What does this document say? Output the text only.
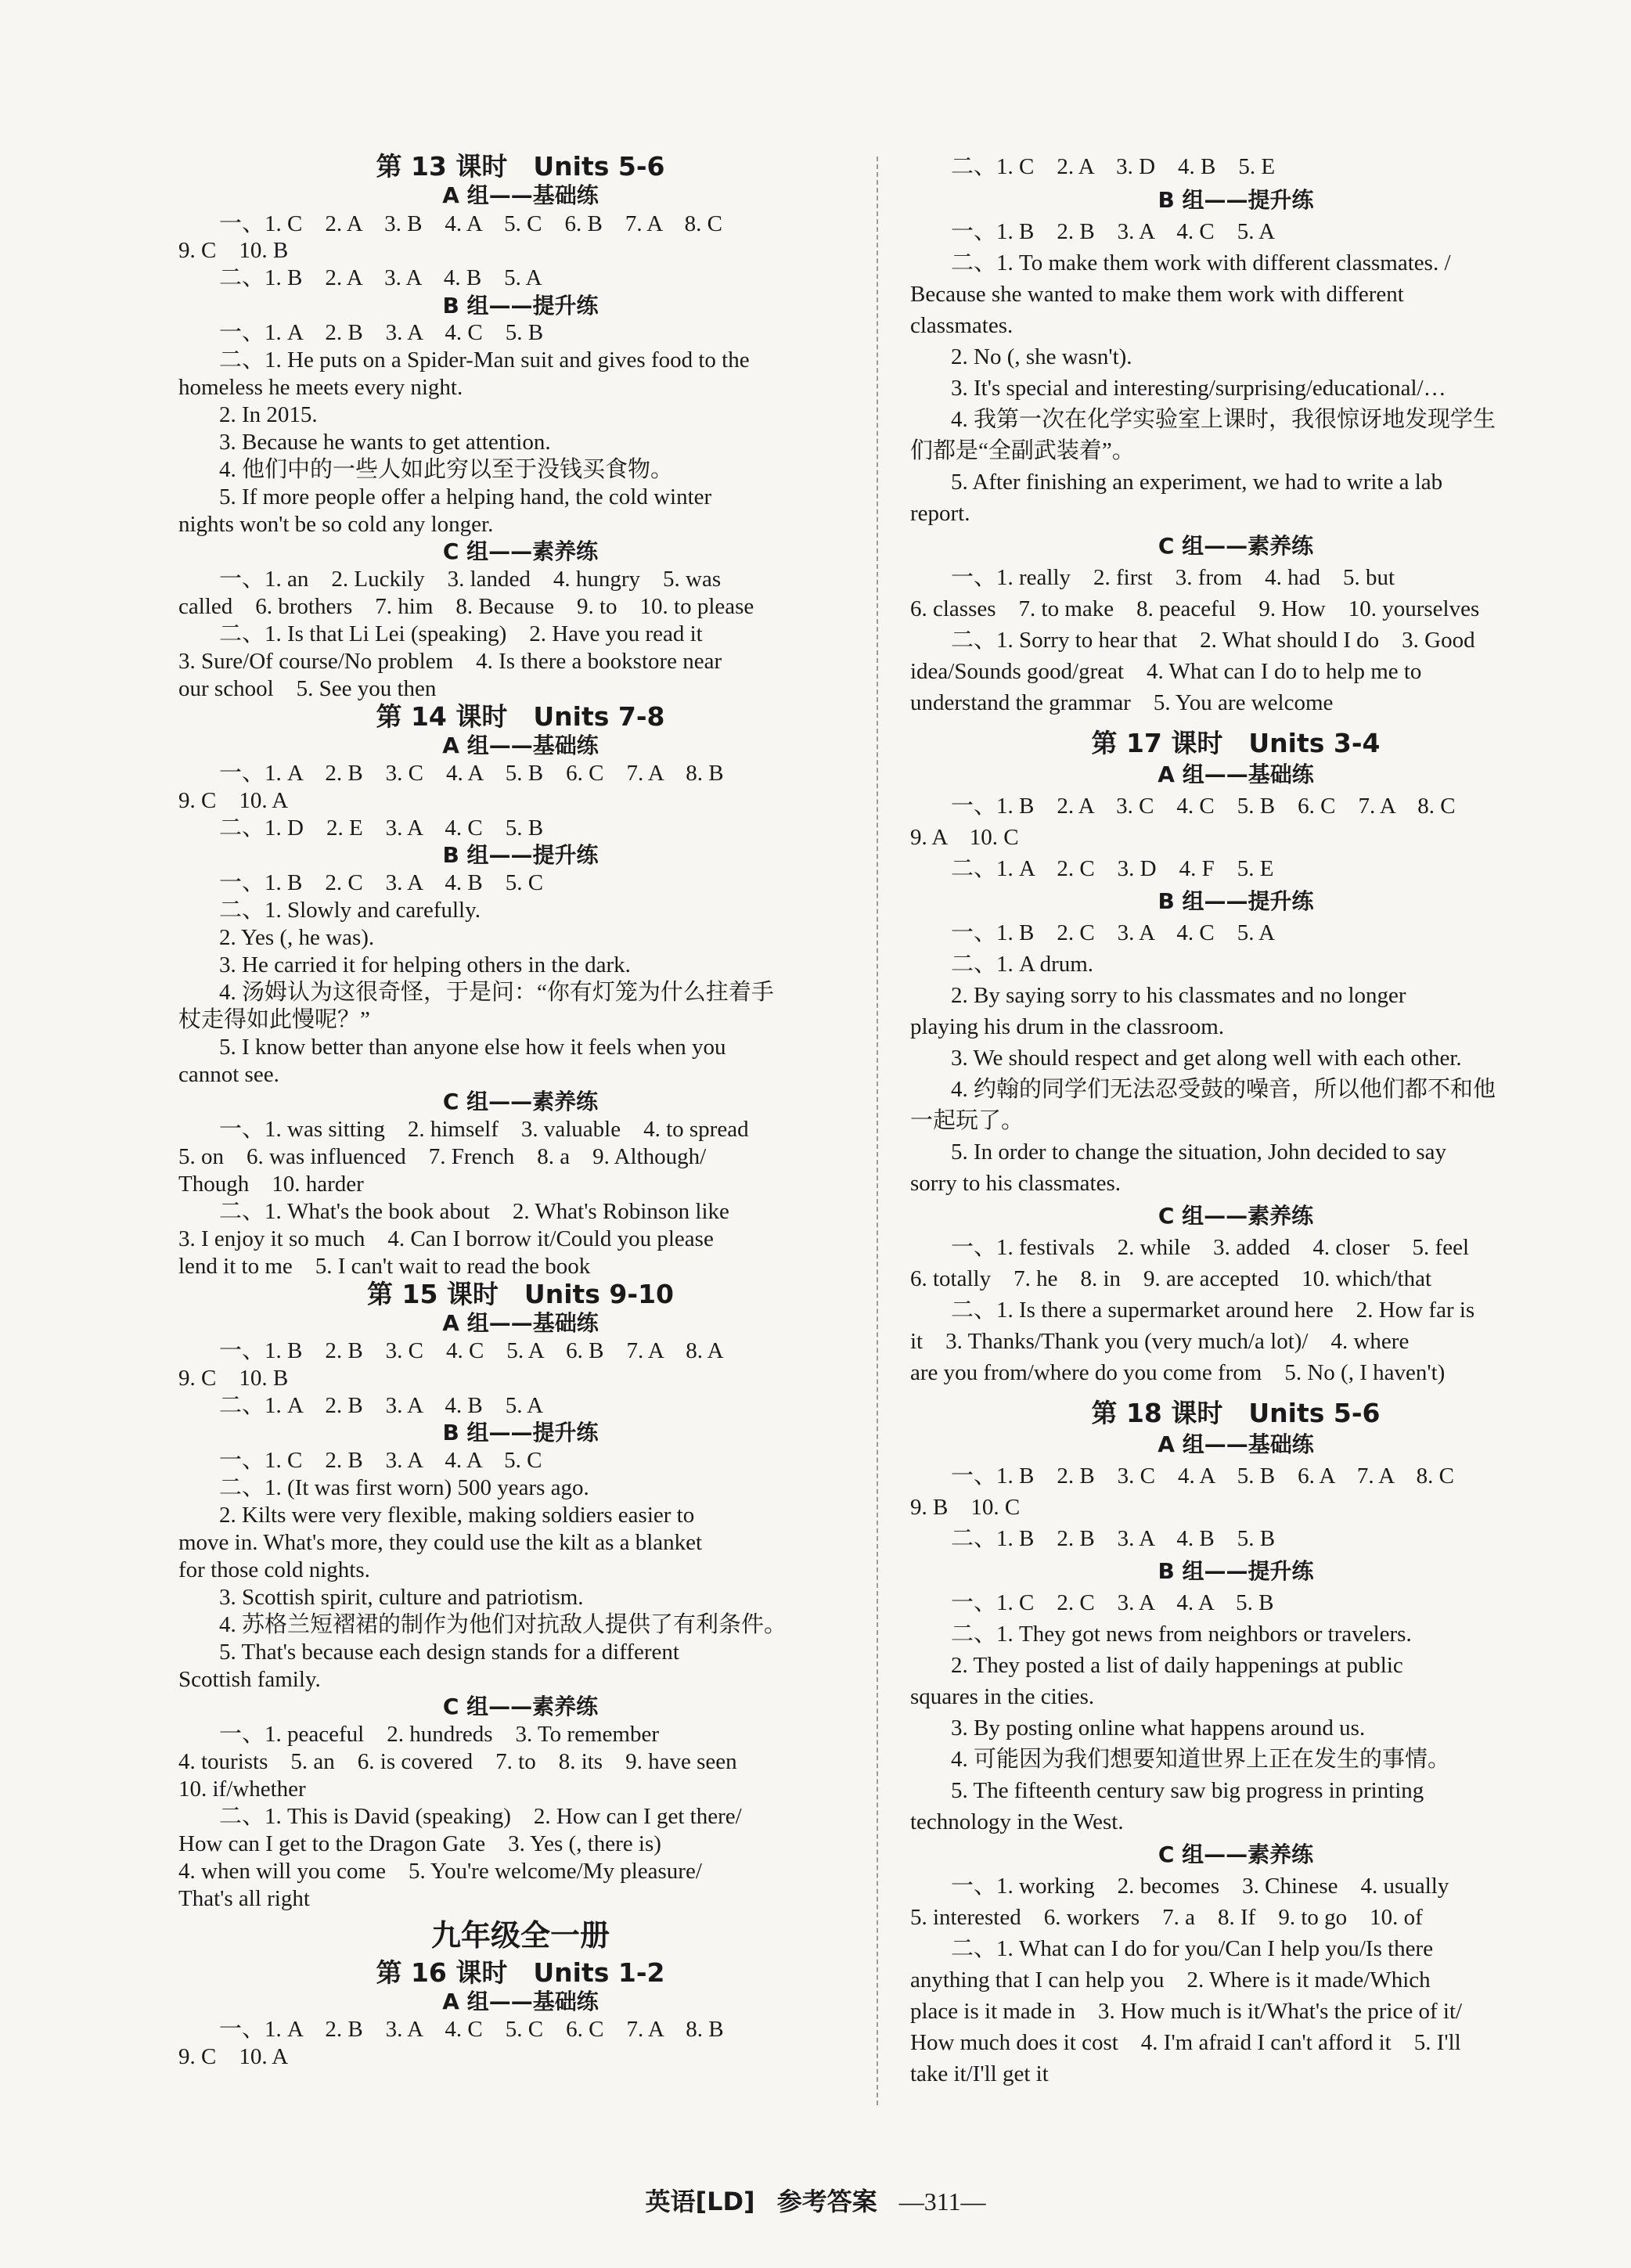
第 13 课时　Units 5-6
A 组——基础练
一、1. C　2. A　3. B　4. A　5. C　6. B　7. A　8. C
9. C　10. B
二、1. B　2. A　3. A　4. B　5. A
B 组——提升练
一、1. A　2. B　3. A　4. C　5. B
二、1. He puts on a Spider-Man suit and gives food to the
homeless he meets every night.
2. In 2015.
3. Because he wants to get attention.
4. 他们中的一些人如此穷以至于没钱买食物。
5. If more people offer a helping hand, the cold winter
nights won't be so cold any longer.
C 组——素养练
一、1. an　2. Luckily　3. landed　4. hungry　5. was
called　6. brothers　7. him　8. Because　9. to　10. to please
二、1. Is that Li Lei (speaking)　2. Have you read it
3. Sure/Of course/No problem　4. Is there a bookstore near
our school　5. See you then
第 14 课时　Units 7-8
A 组——基础练
一、1. A　2. B　3. C　4. A　5. B　6. C　7. A　8. B
9. C　10. A
二、1. D　2. E　3. A　4. C　5. B
B 组——提升练
一、1. B　2. C　3. A　4. B　5. C
二、1. Slowly and carefully.
2. Yes (, he was).
3. He carried it for helping others in the dark.
4. 汤姆认为这很奇怪，于是问：“你有灯笼为什么拄着手
杖走得如此慢呢？”
5. I know better than anyone else how it feels when you
cannot see.
C 组——素养练
一、1. was sitting　2. himself　3. valuable　4. to spread
5. on　6. was influenced　7. French　8. a　9. Although/
Though　10. harder
二、1. What's the book about　2. What's Robinson like
3. I enjoy it so much　4. Can I borrow it/Could you please
lend it to me　5. I can't wait to read the book
第 15 课时　Units 9-10
A 组——基础练
一、1. B　2. B　3. C　4. C　5. A　6. B　7. A　8. A
9. C　10. B
二、1. A　2. B　3. A　4. B　5. A
B 组——提升练
一、1. C　2. B　3. A　4. A　5. C
二、1. (It was first worn) 500 years ago.
2. Kilts were very flexible, making soldiers easier to
move in. What's more, they could use the kilt as a blanket
for those cold nights.
3. Scottish spirit, culture and patriotism.
4. 苏格兰短褶裙的制作为他们对抗敌人提供了有利条件。
5. That's because each design stands for a different
Scottish family.
C 组——素养练
一、1. peaceful　2. hundreds　3. To remember
4. tourists　5. an　6. is covered　7. to　8. its　9. have seen
10. if/whether
二、1. This is David (speaking)　2. How can I get there/
How can I get to the Dragon Gate　3. Yes (, there is)
4. when will you come　5. You're welcome/My pleasure/
That's all right
九年级全一册
第 16 课时　Units 1-2
A 组——基础练
一、1. A　2. B　3. A　4. C　5. C　6. C　7. A　8. B
9. C　10. A
二、1. C　2. A　3. D　4. B　5. E
B 组——提升练
一、1. B　2. B　3. A　4. C　5. A
二、1. To make them work with different classmates. /
Because she wanted to make them work with different
classmates.
2. No (, she wasn't).
3. It's special and interesting/surprising/educational/…
4. 我第一次在化学实验室上课时，我很惊讶地发现学生
们都是“全副武装着”。
5. After finishing an experiment, we had to write a lab
report.
C 组——素养练
一、1. really　2. first　3. from　4. had　5. but
6. classes　7. to make　8. peaceful　9. How　10. yourselves
二、1. Sorry to hear that　2. What should I do　3. Good
idea/Sounds good/great　4. What can I do to help me to
understand the grammar　5. You are welcome
第 17 课时　Units 3-4
A 组——基础练
一、1. B　2. A　3. C　4. C　5. B　6. C　7. A　8. C
9. A　10. C
二、1. A　2. C　3. D　4. F　5. E
B 组——提升练
一、1. B　2. C　3. A　4. C　5. A
二、1. A drum.
2. By saying sorry to his classmates and no longer
playing his drum in the classroom.
3. We should respect and get along well with each other.
4. 约翰的同学们无法忍受鼓的噪音，所以他们都不和他
一起玩了。
5. In order to change the situation, John decided to say
sorry to his classmates.
C 组——素养练
一、1. festivals　2. while　3. added　4. closer　5. feel
6. totally　7. he　8. in　9. are accepted　10. which/that
二、1. Is there a supermarket around here　2. How far is
it　3. Thanks/Thank you (very much/a lot)/　4. where
are you from/where do you come from　5. No (, I haven't)
第 18 课时　Units 5-6
A 组——基础练
一、1. B　2. B　3. C　4. A　5. B　6. A　7. A　8. C
9. B　10. C
二、1. B　2. B　3. A　4. B　5. B
B 组——提升练
一、1. C　2. C　3. A　4. A　5. B
二、1. They got news from neighbors or travelers.
2. They posted a list of daily happenings at public
squares in the cities.
3. By posting online what happens around us.
4. 可能因为我们想要知道世界上正在发生的事情。
5. The fifteenth century saw big progress in printing
technology in the West.
C 组——素养练
一、1. working　2. becomes　3. Chinese　4. usually
5. interested　6. workers　7. a　8. If　9. to go　10. of
二、1. What can I do for you/Can I help you/Is there
anything that I can help you　2. Where is it made/Which
place is it made in　3. How much is it/What's the price of it/
How much does it cost　4. I'm afraid I can't afford it　5. I'll
take it/I'll get it
英语[LD] 参考答案 —311—
